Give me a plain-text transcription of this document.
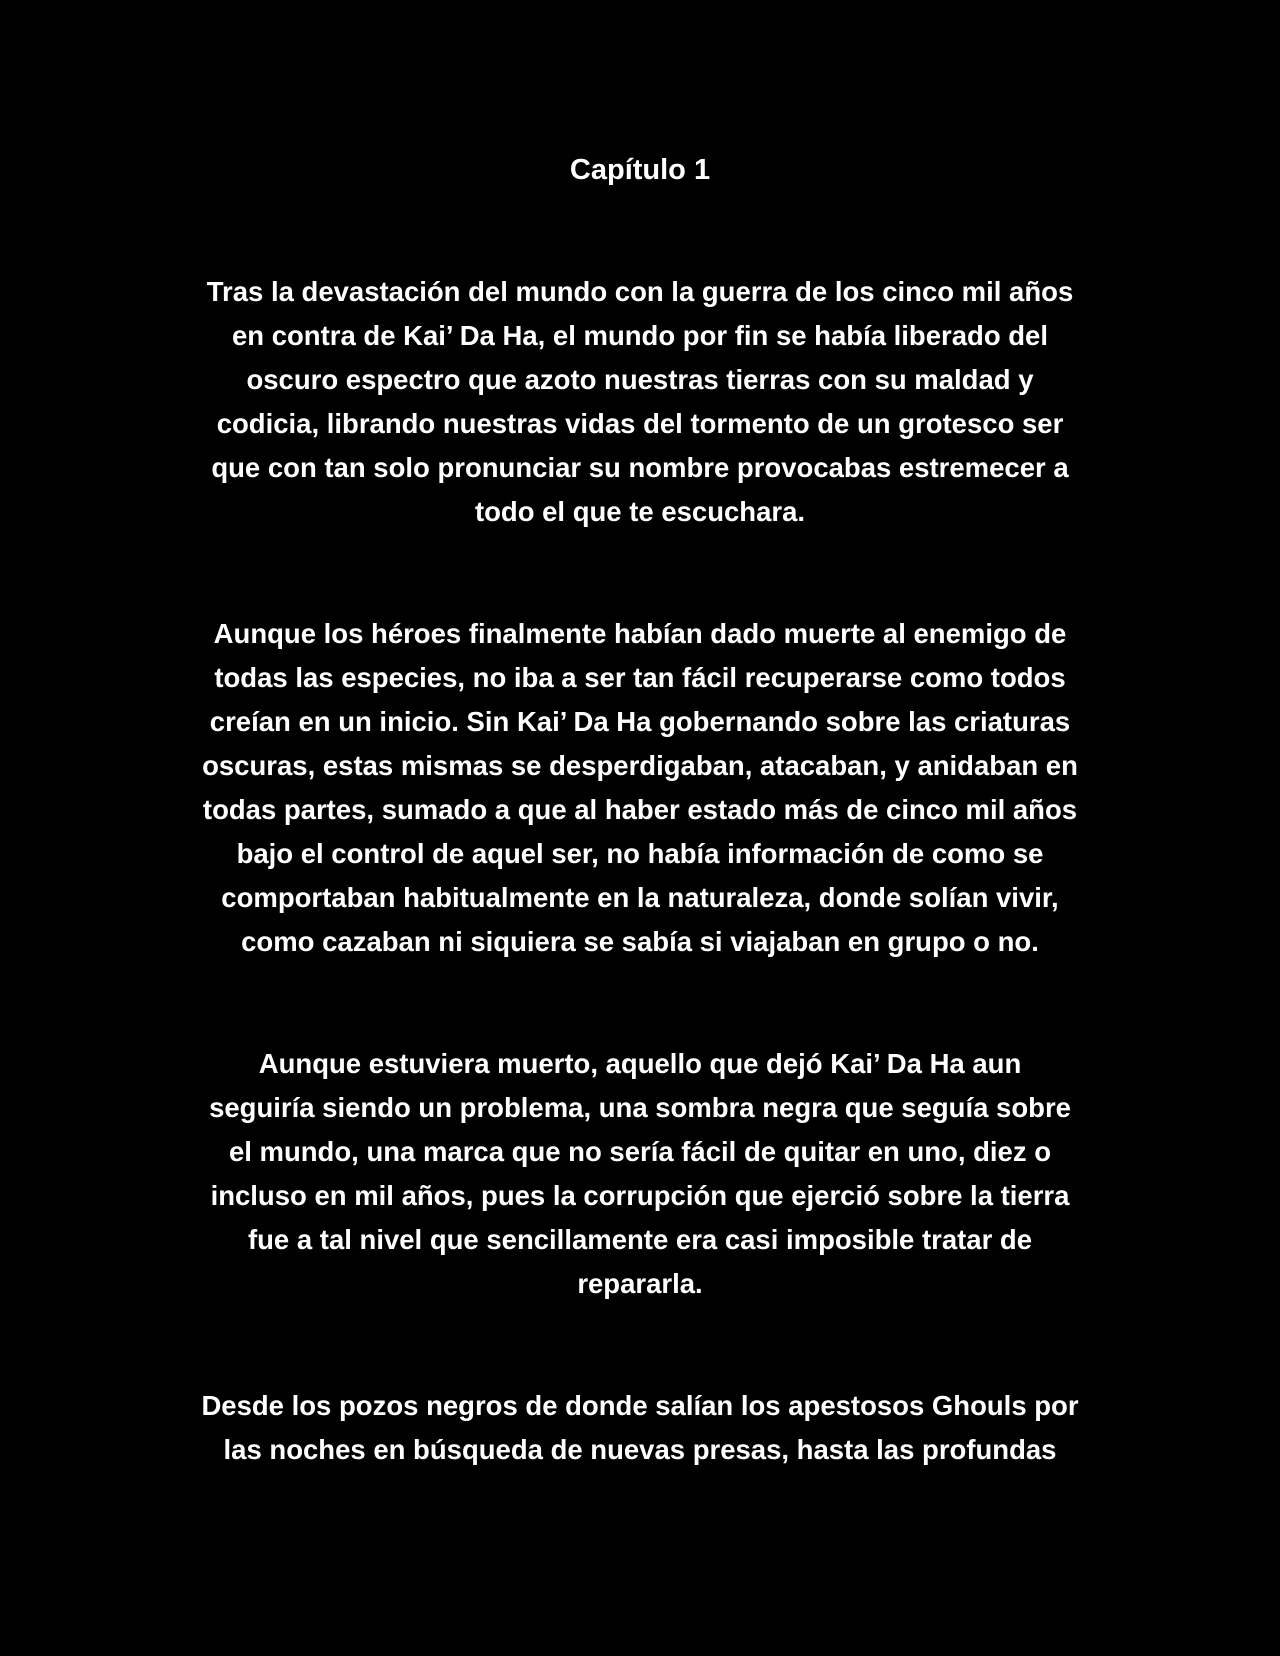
Capítulo 1

Tras la devastación del mundo con la guerra de los cinco mil años
en contra de Kai’ Da Ha, el mundo por fin se había liberado del
oscuro espectro que azoto nuestras tierras con su maldad y
codicia, librando nuestras vidas del tormento de un grotesco ser
que con tan solo pronunciar su nombre provocabas estremecer a
todo el que te escuchara.

Aunque los héroes finalmente habían dado muerte al enemigo de
todas las especies, no iba a ser tan fácil recuperarse como todos
creían en un inicio. Sin Kai’ Da Ha gobernando sobre las criaturas
oscuras, estas mismas se desperdigaban, atacaban, y anidaban en
todas partes, sumado a que al haber estado más de cinco mil años
bajo el control de aquel ser, no había información de como se
comportaban habitualmente en la naturaleza, donde solían vivir,
como cazaban ni siquiera se sabía si viajaban en grupo o no.

Aunque estuviera muerto, aquello que dejó Kai’ Da Ha aun
seguiría siendo un problema, una sombra negra que seguía sobre
el mundo, una marca que no sería fácil de quitar en uno, diez o
incluso en mil años, pues la corrupción que ejerció sobre la tierra
fue a tal nivel que sencillamente era casi imposible tratar de
repararla.

Desde los pozos negros de donde salían los apestosos Ghouls por
las noches en búsqueda de nuevas presas, hasta las profundas
